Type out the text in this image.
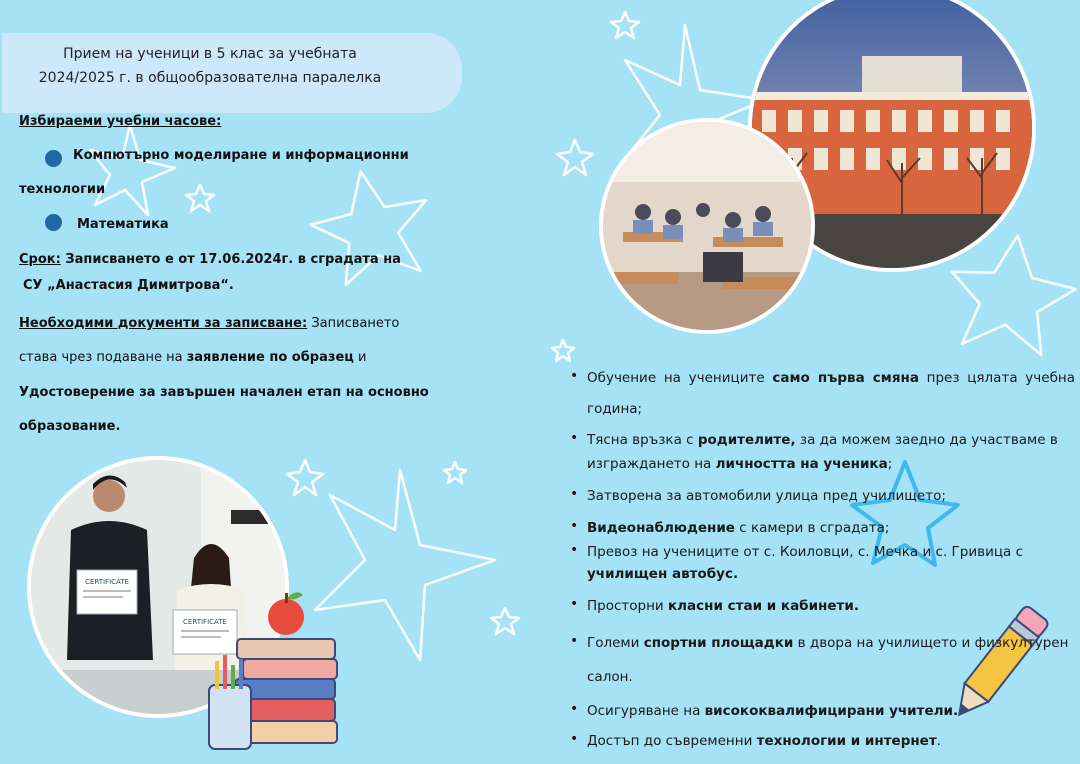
Прием на ученици в 5 клас за учебната
2024/2025 г. в общообразователна паралелка
Избираеми учебни часове:
Компютърно моделиране и информационни
технологии
Математика
Срок: Записването е от 17.06.2024г. в сградата на
СУ „Анастасия Димитрова“.
Необходими документи за записване: Записването
става чрез подаване на заявление по образец и
Удостоверение за завършен начален етап на основно
образование.
CERTIFICATE
CERTIFICATE
• Обучение на учениците само първа смяна през цялата учебна
година;
• Тясна връзка с родителите, за да можем заедно да участваме в
изграждането на личността на ученика;
• Затворена за автомобили улица пред училището;
• Видеонаблюдение с камери в сградата;
• Превоз на учениците от с. Коиловци, с. Мечка и с. Гривица с
училищен автобус.
• Просторни класни стаи и кабинети.
• Големи спортни площадки в двора на училището и физкултурен
салон.
• Осигуряване на висококвалифицирани учители.
• Достъп до съвременни технологии и интернет.
